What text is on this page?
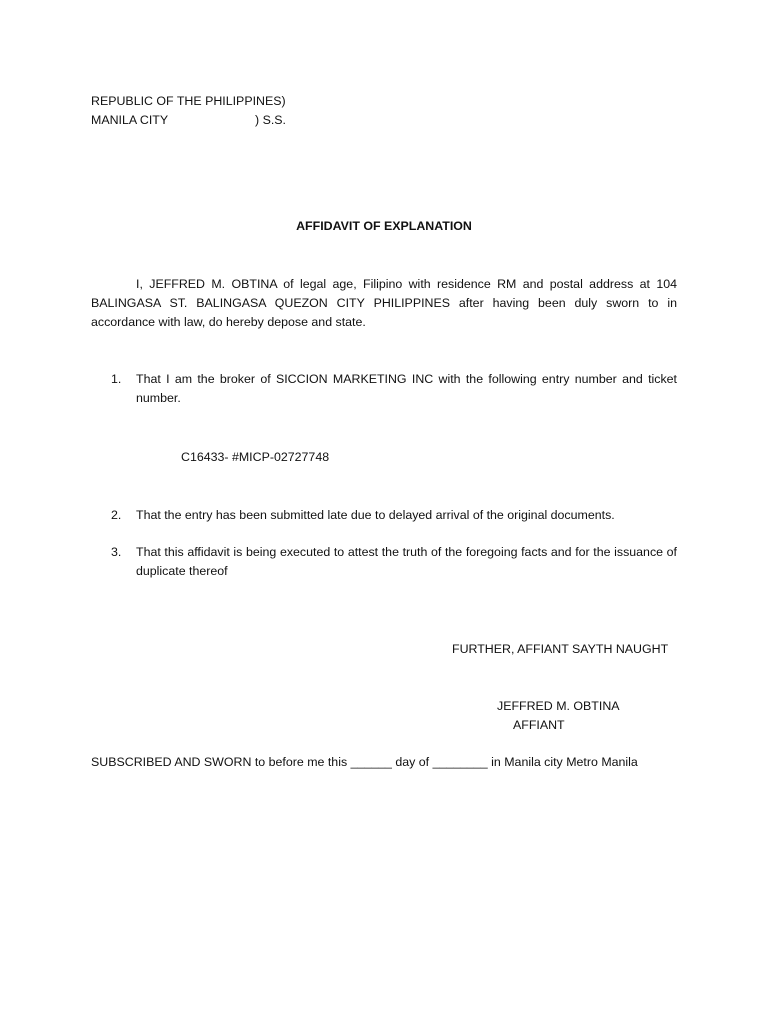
REPUBLIC OF THE PHILIPPINES)
MANILA CITY	) S.S.
AFFIDAVIT OF EXPLANATION

I, JEFFRED M. OBTINA of legal age, Filipino with residence RM and postal address at 104 BALINGASA ST. BALINGASA QUEZON CITY PHILIPPINES after having been duly sworn to in accordance with law, do hereby depose and state.

1.	That I am the broker of SICCION MARKETING INC with the following entry number and ticket number.
C16433- #MICP-02727748
2.	That the entry has been submitted late due to delayed arrival of the original documents.
3.	That this affidavit is being executed to attest the truth of the foregoing facts and for the issuance of duplicate thereof
FURTHER, AFFIANT SAYTH NAUGHT
JEFFRED M. OBTINA
AFFIANT
SUBSCRIBED AND SWORN to before me this ______ day of ________ in Manila city Metro Manila
